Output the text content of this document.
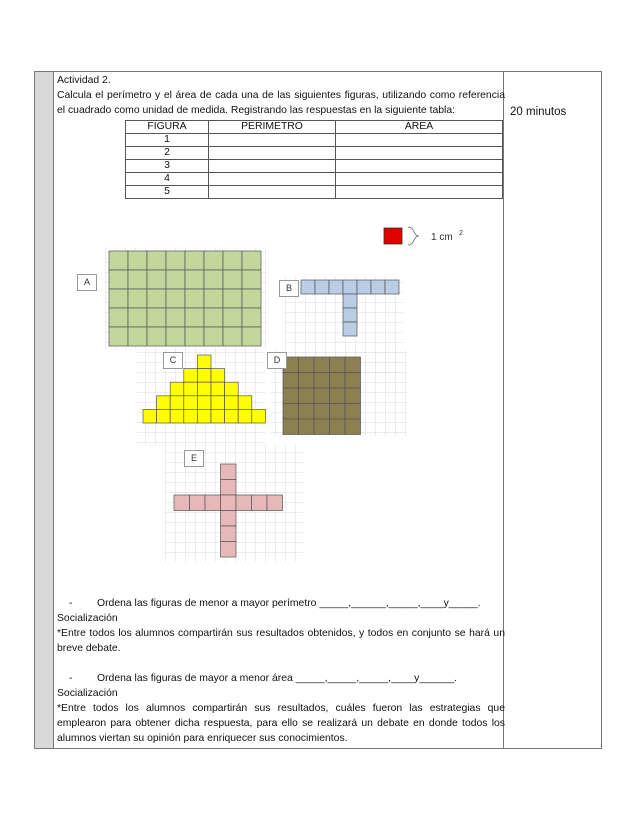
20 minutos

Actividad 2.

Calcula el perímetro y el área de cada una de las siguientes figuras, utilizando como referencia el cuadrado como unidad de medida. Registrando las respuestas en la siguiente tabla:

FIGURA	PERIMETRO	ÁREA
1		
2		
3		
4		
5		
1 cm 2
A
B
C	D
E

- Ordena las figuras de menor a mayor perímetro _____,______,_____,____y_____.

Socialización

*Entre todos los alumnos compartirán sus resultados obtenidos, y todos en conjunto se hará un breve debate.

- Ordena las figuras de mayor a menor área _____,_____,_____,____y______.

Socialización

*Entre todos los alumnos compartirán sus resultados, cuáles fueron las estrategias que emplearon para obtener dicha respuesta, para ello se realizará un debate en donde todos los alumnos viertan su opinión para enriquecer sus conocimientos.
